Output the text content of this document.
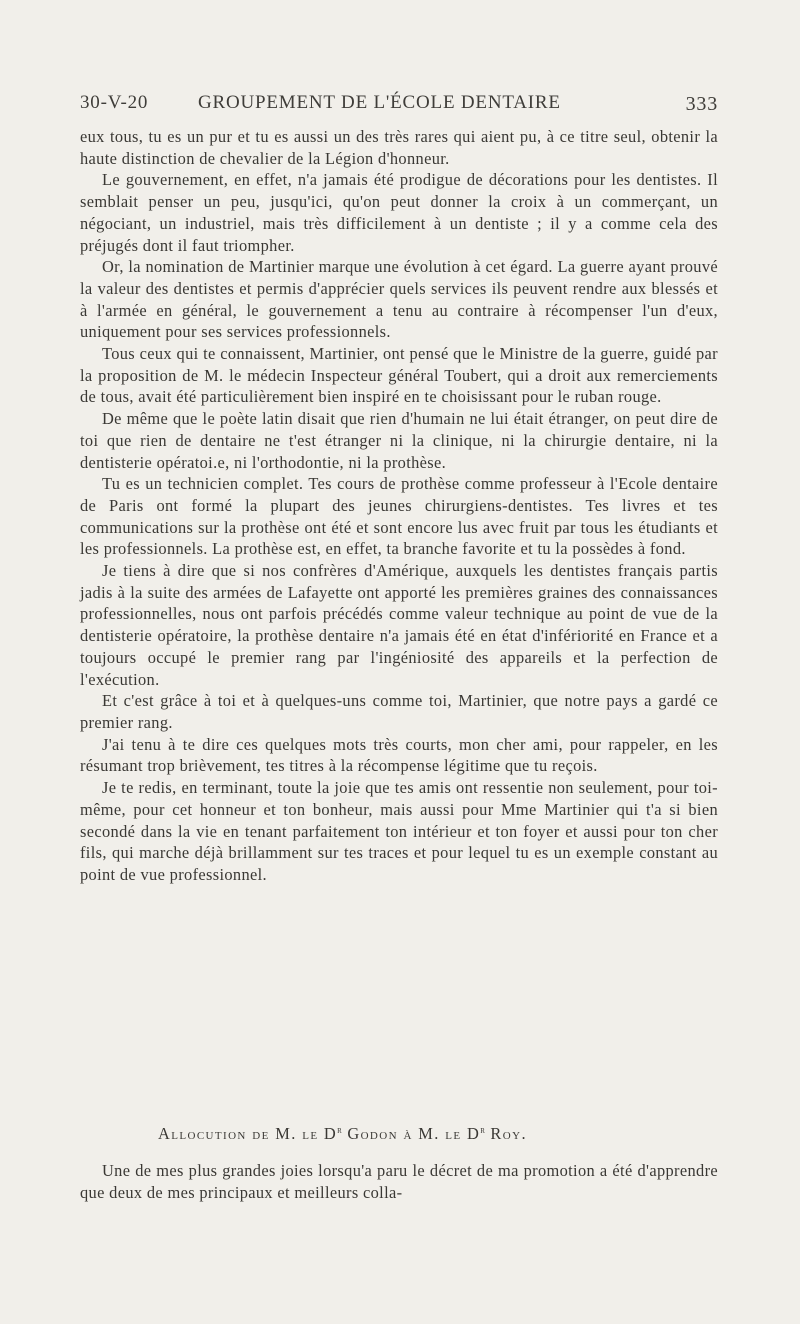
30-V-20	GROUPEMENT DE L'ÉCOLE DENTAIRE	333

eux tous, tu es un pur et tu es aussi un des très rares qui aient pu, à ce titre seul, obtenir la haute distinction de chevalier de la Légion d'honneur.

Le gouvernement, en effet, n'a jamais été prodigue de décorations pour les dentistes. Il semblait penser un peu, jusqu'ici, qu'on peut donner la croix à un commerçant, un négociant, un industriel, mais très difficilement à un dentiste ; il y a comme cela des préjugés dont il faut triompher.

Or, la nomination de Martinier marque une évolution à cet égard. La guerre ayant prouvé la valeur des dentistes et permis d'apprécier quels services ils peuvent rendre aux blessés et à l'armée en général, le gouvernement a tenu au contraire à récompenser l'un d'eux, uniquement pour ses services professionnels.

Tous ceux qui te connaissent, Martinier, ont pensé que le Ministre de la guerre, guidé par la proposition de M. le médecin Inspecteur général Toubert, qui a droit aux remerciements de tous, avait été particulièrement bien inspiré en te choisissant pour le ruban rouge.

De même que le poète latin disait que rien d'humain ne lui était étranger, on peut dire de toi que rien de dentaire ne t'est étranger ni la clinique, ni la chirurgie dentaire, ni la dentisterie opératoi.e, ni l'orthodontie, ni la prothèse.

Tu es un technicien complet. Tes cours de prothèse comme professeur à l'Ecole dentaire de Paris ont formé la plupart des jeunes chirurgiens-dentistes. Tes livres et tes communications sur la prothèse ont été et sont encore lus avec fruit par tous les étudiants et les professionnels. La prothèse est, en effet, ta branche favorite et tu la possèdes à fond.

Je tiens à dire que si nos confrères d'Amérique, auxquels les dentistes français partis jadis à la suite des armées de Lafayette ont apporté les premières graines des connaissances professionnelles, nous ont parfois précédés comme valeur technique au point de vue de la dentisterie opératoire, la prothèse dentaire n'a jamais été en état d'infériorité en France et a toujours occupé le premier rang par l'ingéniosité des appareils et la perfection de l'exécution.

Et c'est grâce à toi et à quelques-uns comme toi, Martinier, que notre pays a gardé ce premier rang.

J'ai tenu à te dire ces quelques mots très courts, mon cher ami, pour rappeler, en les résumant trop brièvement, tes titres à la récompense légitime que tu reçois.

Je te redis, en terminant, toute la joie que tes amis ont ressentie non seulement, pour toi-même, pour cet honneur et ton bonheur, mais aussi pour Mme Martinier qui t'a si bien secondé dans la vie en tenant parfaitement ton intérieur et ton foyer et aussi pour ton cher fils, qui marche déjà brillamment sur tes traces et pour lequel tu es un exemple constant au point de vue professionnel.

Allocution de M. le $D^r$ Godon à M. le $D^r$ Roy.

Une de mes plus grandes joies lorsqu'a paru le décret de ma promotion a été d'apprendre que deux de mes principaux et meilleurs colla-
